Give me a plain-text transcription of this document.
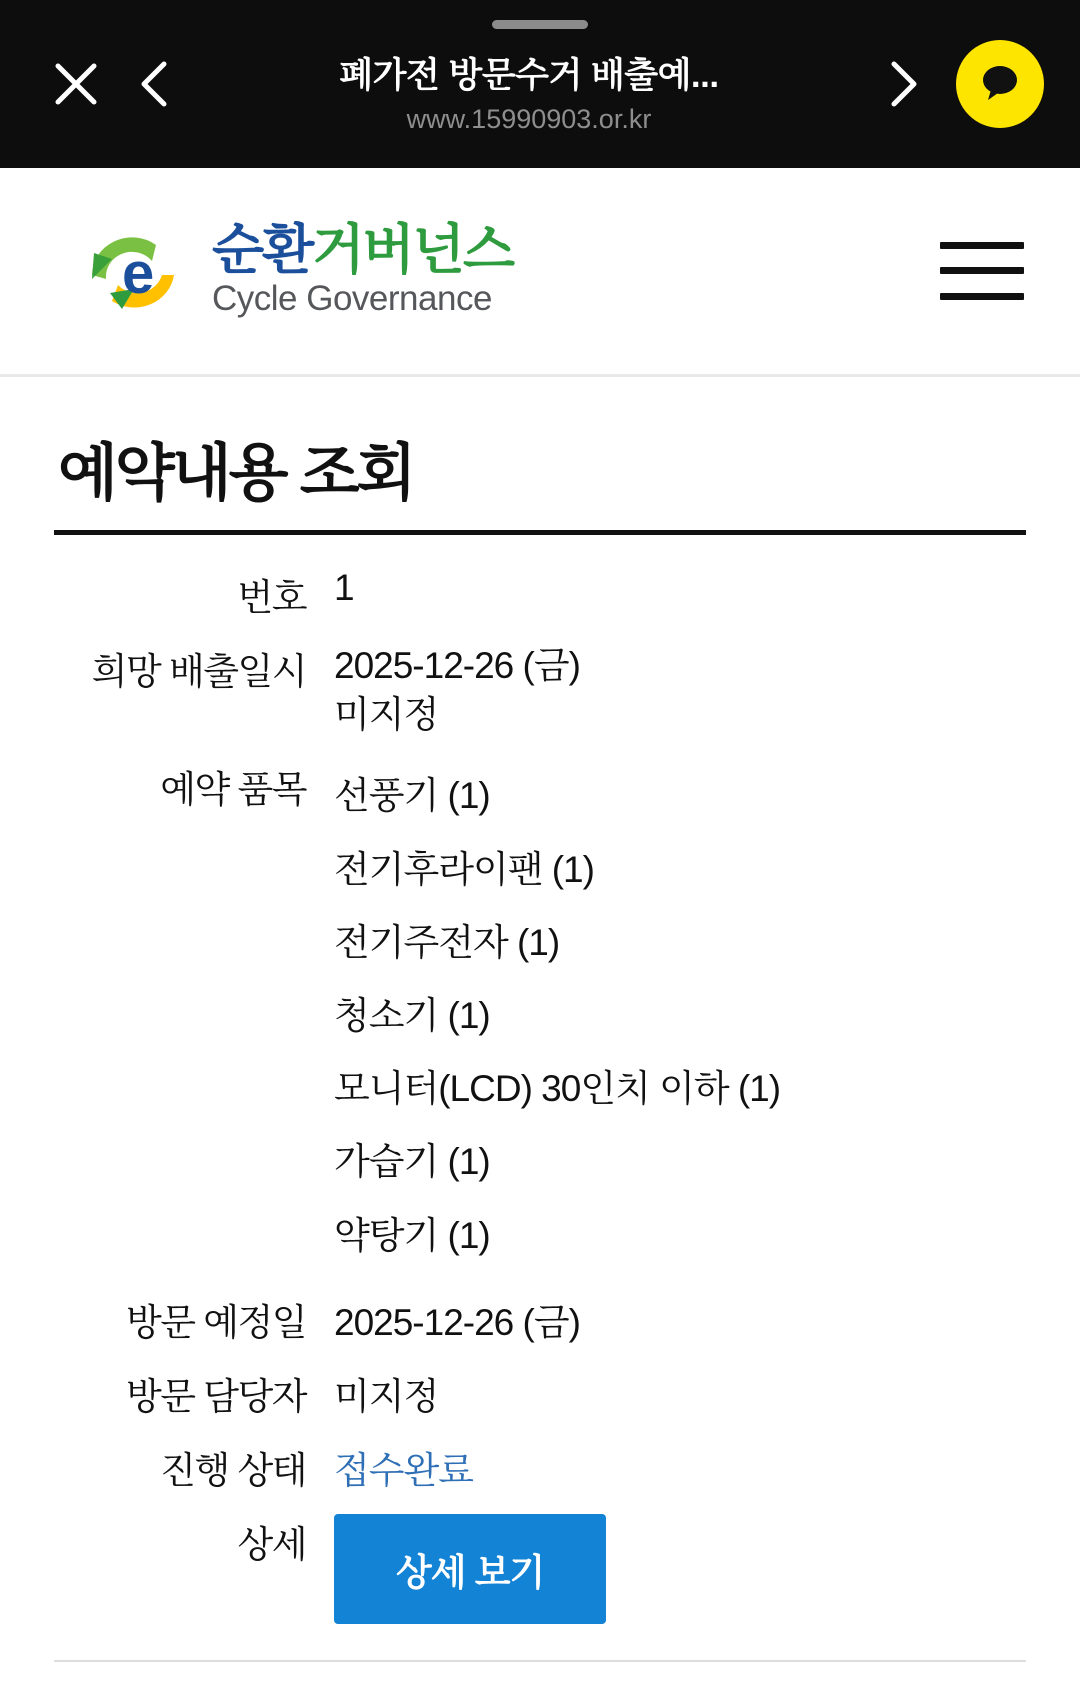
폐가전 방문수거 배출예...
www.15990903.or.kr
e 순환거버넌스
Cycle Governance
예약내용 조회
번호	1
희망 배출일시	2025-12-26 (금)
미지정

예약 품목	선풍기 (1)
전기후라이팬 (1)
전기주전자 (1)
청소기 (1)
모니터(LCD) 30인치 이하 (1)
가습기 (1)
약탕기 (1)

방문 예정일	2025-12-26 (금)
방문 담당자	미지정
진행 상태	접수완료
상세	상세 보기
